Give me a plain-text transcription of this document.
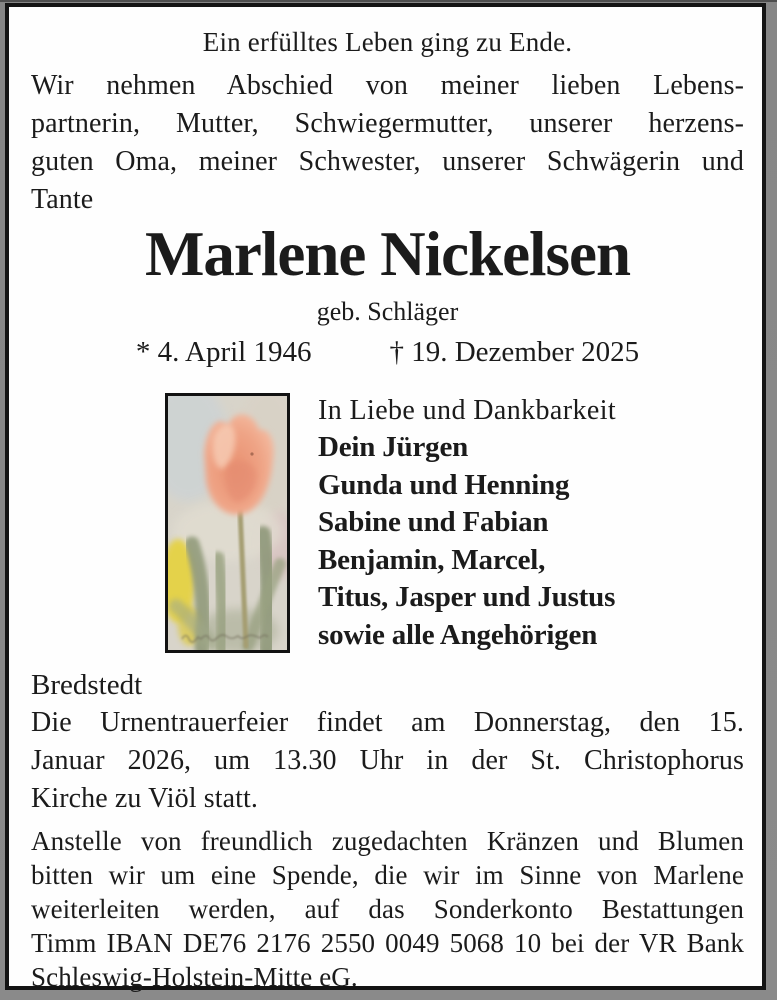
Ein erfülltes Leben ging zu Ende.
Wir nehmen Abschied von meiner lieben Lebens-
partnerin, Mutter, Schwiegermutter, unserer herzens-
guten Oma, meiner Schwester, unserer Schwägerin und
Tante
Marlene Nickelsen
geb. Schläger
* 4. April 1946	† 19. Dezember 2025
In Liebe und Dankbarkeit
Dein Jürgen
Gunda und Henning
Sabine und Fabian
Benjamin, Marcel,
Titus, Jasper und Justus
sowie alle Angehörigen
Bredstedt
Die Urnentrauerfeier findet am Donnerstag, den 15.
Januar 2026, um 13.30 Uhr in der St. Christophorus
Kirche zu Viöl statt.
Anstelle von freundlich zugedachten Kränzen und Blumen
bitten wir um eine Spende, die wir im Sinne von Marlene
weiterleiten werden, auf das Sonderkonto Bestattungen
Timm IBAN DE76 2176 2550 0049 5068 10 bei der VR Bank
Schleswig-Holstein-Mitte eG.
